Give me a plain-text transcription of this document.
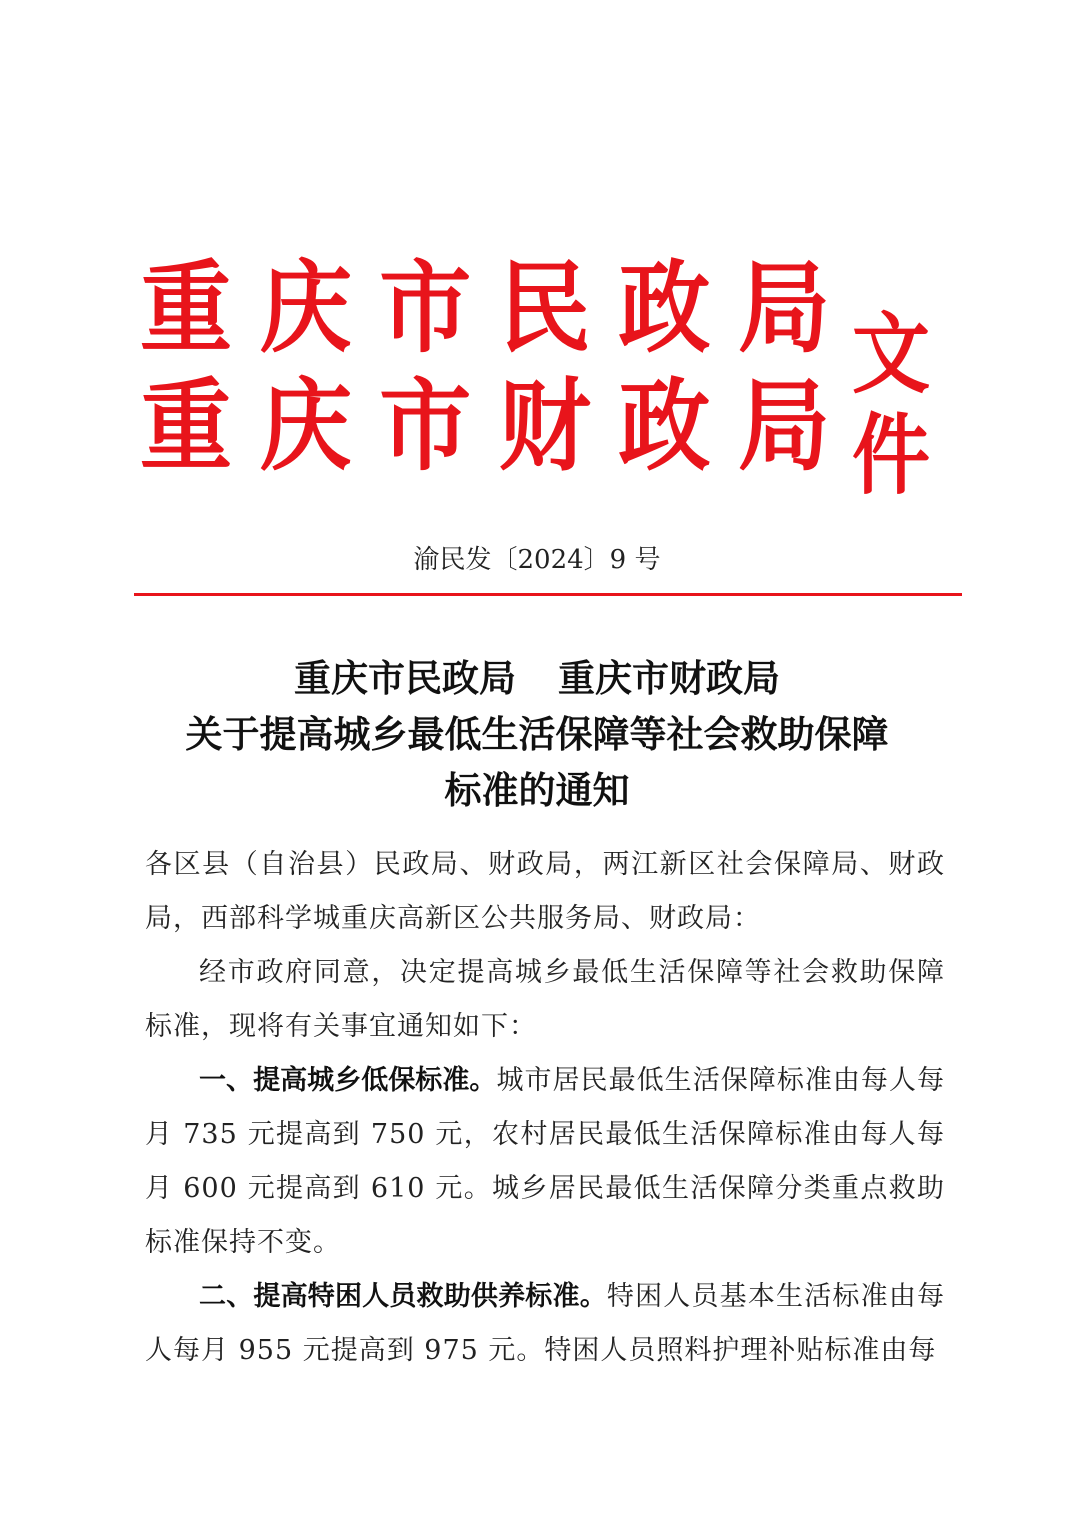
重 庆 市 民 政 局
重 庆 市 财 政 局
文件
渝民发〔2024〕9 号
重庆市民政局 重庆市财政局
关于提高城乡最低生活保障等社会救助保障
标准的通知

各区县（自治县）民政局、财政局，两江新区社会保障局、财政局，西部科学城重庆高新区公共服务局、财政局：

经市政府同意，决定提高城乡最低生活保障等社会救助保障标准，现将有关事宜通知如下：

一、提高城乡低保标准。城市居民最低生活保障标准由每人每月 735 元提高到 750 元，农村居民最低生活保障标准由每人每月 600 元提高到 610 元。城乡居民最低生活保障分类重点救助标准保持不变。

二、提高特困人员救助供养标准。特困人员基本生活标准由每人每月 955 元提高到 975 元。特困人员照料护理补贴标准由每
